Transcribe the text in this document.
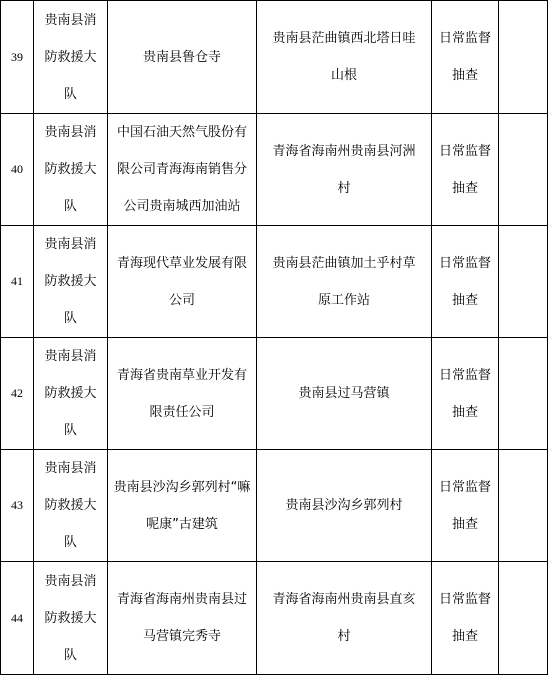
39	贵南县消防救援大队	贵南县鲁仓寺	贵南县茫曲镇西北塔日哇山根	日常监督抽查	

40	贵南县消防救援大队	中国石油天然气股份有限公司青海海南销售分公司贵南城西加油站	青海省海南州贵南县河洲村	日常监督抽查	

41	贵南县消防救援大队	青海现代草业发展有限公司	贵南县茫曲镇加土乎村草原工作站	日常监督抽查	

42	贵南县消防救援大队	青海省贵南草业开发有限责任公司	贵南县过马营镇	日常监督抽查	

43	贵南县消防救援大队	贵南县沙沟乡郭列村“嘛呢康”古建筑	贵南县沙沟乡郭列村	日常监督抽查	

44	贵南县消防救援大队	青海省海南州贵南县过马营镇完秀寺	青海省海南州贵南县直亥村	日常监督抽查	
